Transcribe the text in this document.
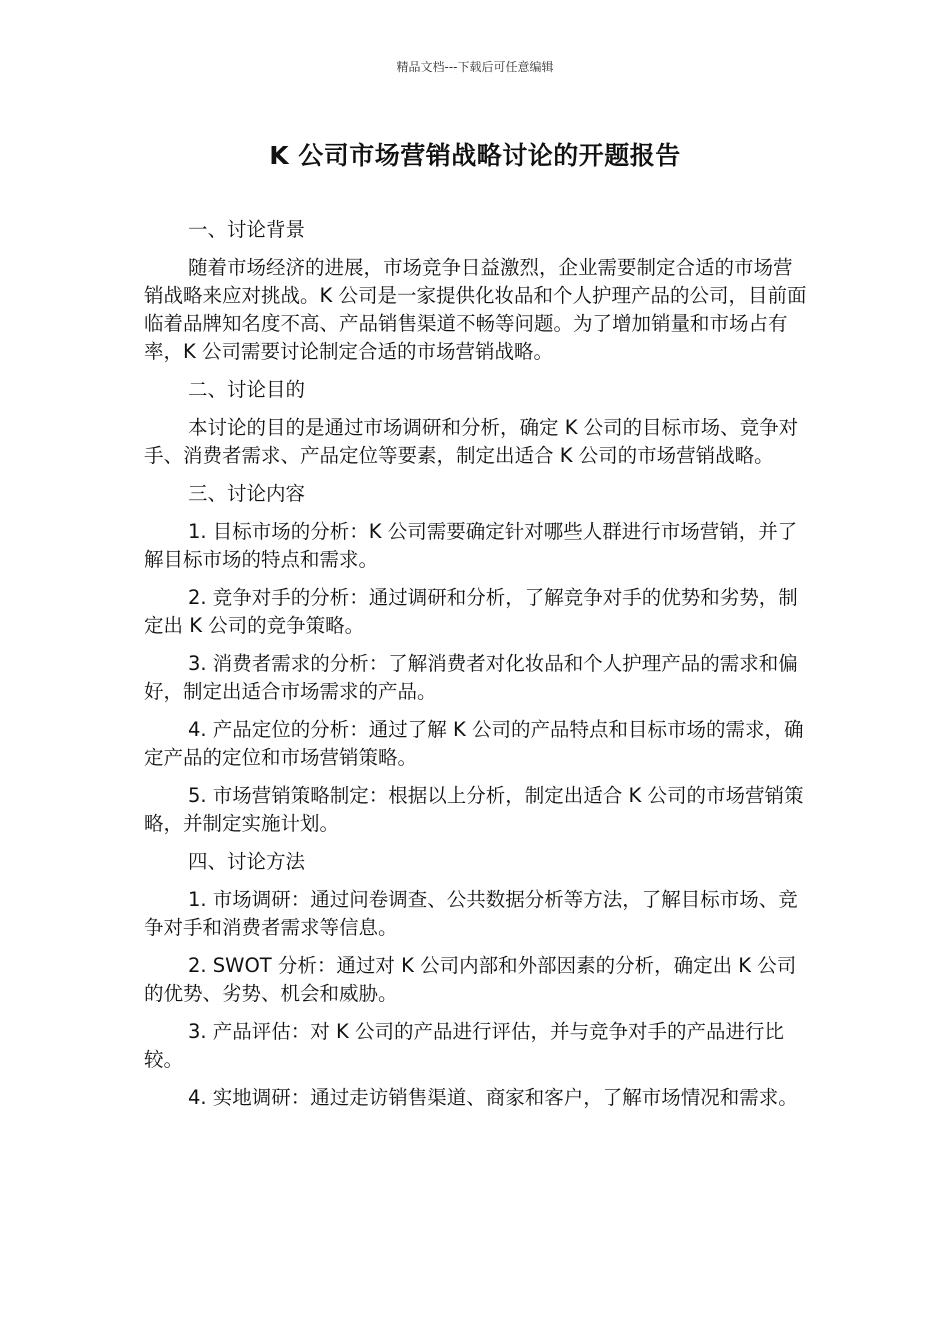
精品文档---下载后可任意编辑
K 公司市场营销战略讨论的开题报告

一、讨论背景

随着市场经济的进展，市场竞争日益激烈，企业需要制定合适的市场营销战略来应对挑战。K 公司是一家提供化妆品和个人护理产品的公司，目前面临着品牌知名度不高、产品销售渠道不畅等问题。为了增加销量和市场占有率，K 公司需要讨论制定合适的市场营销战略。

二、讨论目的

本讨论的目的是通过市场调研和分析，确定 K 公司的目标市场、竞争对手、消费者需求、产品定位等要素，制定出适合 K 公司的市场营销战略。

三、讨论内容

1. 目标市场的分析：K 公司需要确定针对哪些人群进行市场营销，并了解目标市场的特点和需求。

2. 竞争对手的分析：通过调研和分析，了解竞争对手的优势和劣势，制定出 K 公司的竞争策略。

3. 消费者需求的分析：了解消费者对化妆品和个人护理产品的需求和偏好，制定出适合市场需求的产品。

4. 产品定位的分析：通过了解 K 公司的产品特点和目标市场的需求，确定产品的定位和市场营销策略。

5. 市场营销策略制定：根据以上分析，制定出适合 K 公司的市场营销策略，并制定实施计划。

四、讨论方法

1. 市场调研：通过问卷调查、公共数据分析等方法，了解目标市场、竞争对手和消费者需求等信息。

2. SWOT 分析：通过对 K 公司内部和外部因素的分析，确定出 K 公司的优势、劣势、机会和威胁。

3. 产品评估：对 K 公司的产品进行评估，并与竞争对手的产品进行比较。

4. 实地调研：通过走访销售渠道、商家和客户，了解市场情况和需求。
